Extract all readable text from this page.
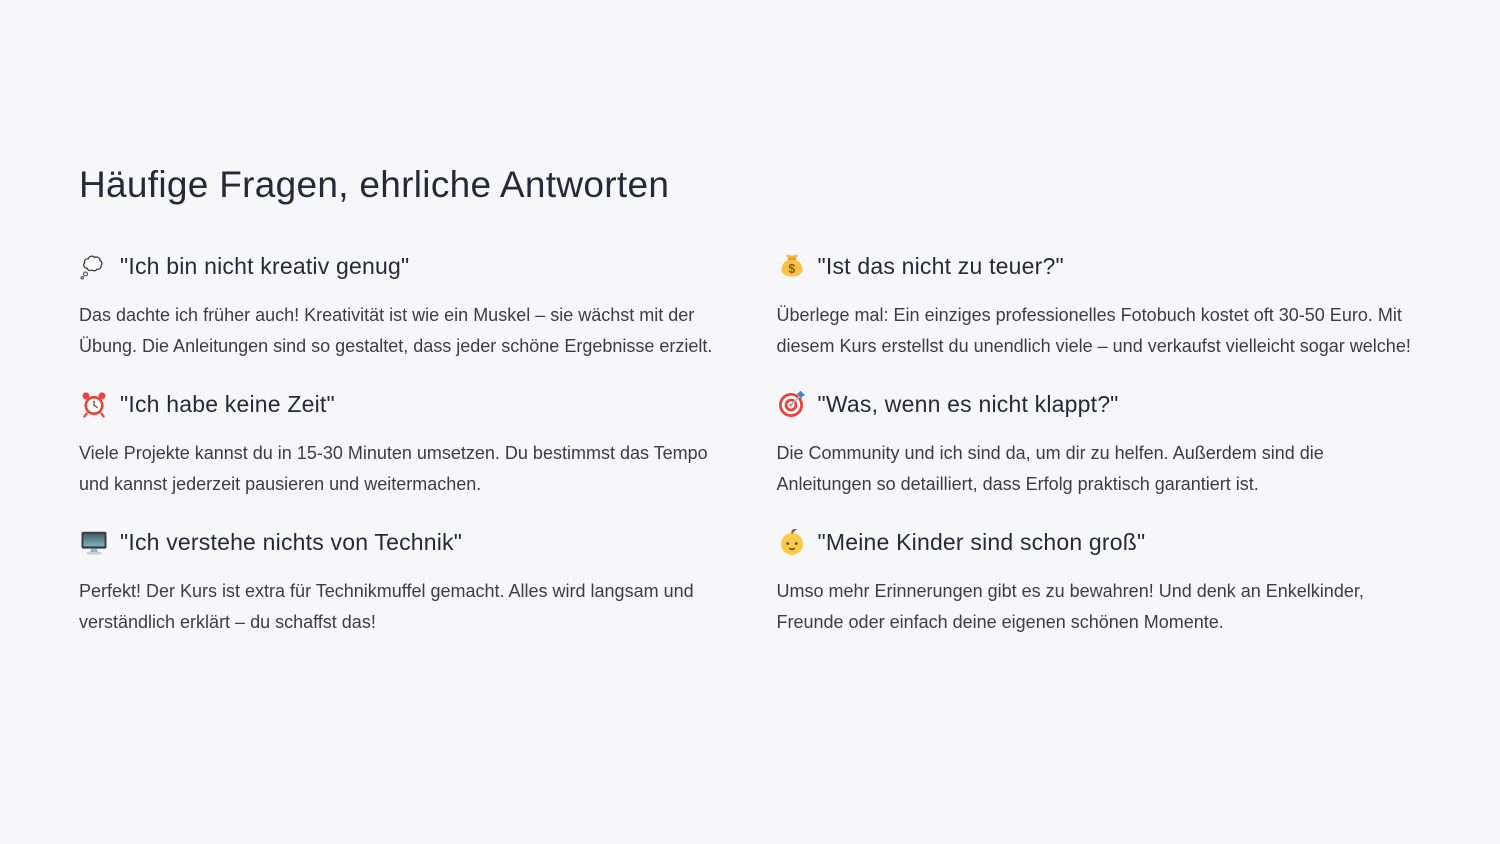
Häufige Fragen, ehrliche Antworten
"Ich bin nicht kreativ genug"

Das dachte ich früher auch! Kreativität ist wie ein Muskel – sie wächst mit der Übung. Die Anleitungen sind so gestaltet, dass jeder schöne Ergebnisse erzielt.

"Ich habe keine Zeit"

Viele Projekte kannst du in 15-30 Minuten umsetzen. Du bestimmst das Tempo und kannst jederzeit pausieren und weitermachen.

"Ich verstehe nichts von Technik"

Perfekt! Der Kurs ist extra für Technikmuffel gemacht. Alles wird langsam und verständlich erklärt – du schaffst das!

$ "Ist das nicht zu teuer?"

Überlege mal: Ein einziges professionelles Fotobuch kostet oft 30-50 Euro. Mit diesem Kurs erstellst du unendlich viele – und verkaufst vielleicht sogar welche!

"Was, wenn es nicht klappt?"

Die Community und ich sind da, um dir zu helfen. Außerdem sind die Anleitungen so detailliert, dass Erfolg praktisch garantiert ist.

"Meine Kinder sind schon groß"

Umso mehr Erinnerungen gibt es zu bewahren! Und denk an Enkelkinder, Freunde oder einfach deine eigenen schönen Momente.
